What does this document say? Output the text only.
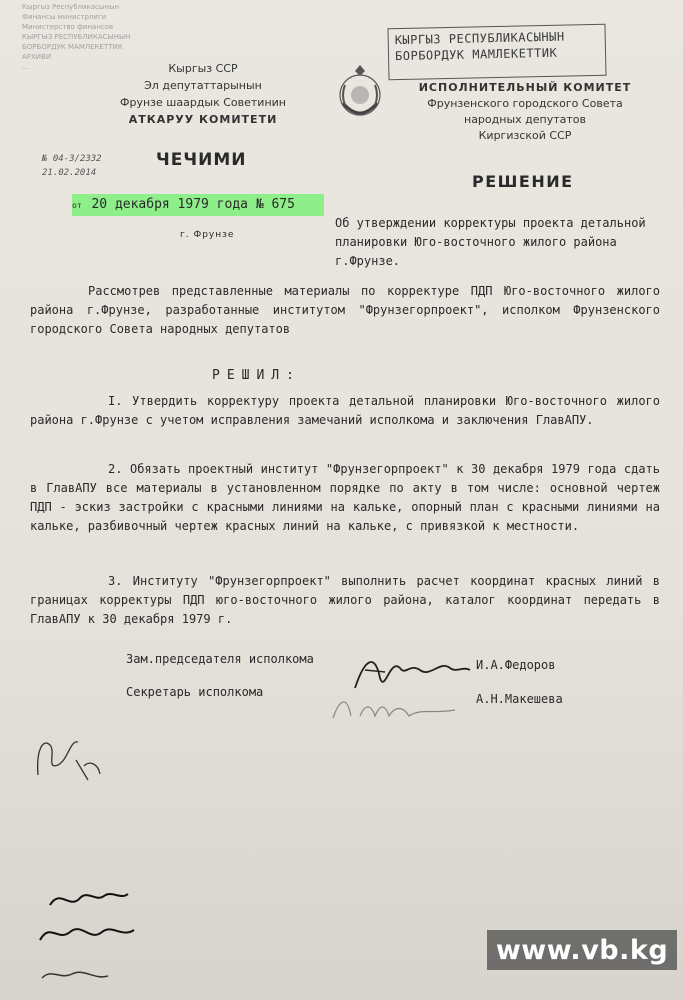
Кыргыз Республикасынын
Финансы министрлиги
Министерство финансов
КЫРГЫЗ РЕСПУБЛИКАСЫНЫН
БОРБОРДУК МАМЛЕКЕТТИК
АРХИВИ
...	Кыргыз ССР
Эл депутаттарынын
Фрунзе шаардык Советинин
АТКАРУУ КОМИТЕТИ
КЫРГЫЗ РЕСПУБЛИКАСЫНЫН
БОРБОРДУК МАМЛЕКЕТТИК
ИСПОЛНИТЕЛЬНЫЙ КОМИТЕТ
Фрунзенского городского Совета
народных депутатов
Киргизской ССР
№ 04-3/2332
21.02.2014
ЧЕЧИМИ
РЕШЕНИЕ
от 20 декабря 1979 года № 675
г. Фрунзе
Об утверждении корректуры проекта детальной планировки Юго-восточного жилого района г.Фрунзе.
Рассмотрев представленные материалы по корректуре ПДП Юго-восточного жилого района г.Фрунзе, разработанные институтом "Фрунзегорпроект", исполком Фрунзенского городского Совета народных депутатов
РЕШИЛ:
I. Утвердить корректуру проекта детальной планировки Юго-восточного жилого района г.Фрунзе с учетом исправления замечаний исполкома и заключения ГлавАПУ.
2. Обязать проектный институт "Фрунзегорпроект" к 30 декабря 1979 года сдать в ГлавАПУ все материалы в установленном порядке по акту в том числе: основной чертеж ПДП - эскиз застройки с красными линиями на кальке, опорный план с красными линиями на кальке, разбивочный чертеж красных линий на кальке, с привязкой к местности.
3. Институту "Фрунзегорпроект" выполнить расчет координат красных линий в границах корректуры ПДП юго-восточного жилого района, каталог координат передать в ГлавАПУ к 30 декабря 1979 г.
Зам.председателя исполкома	И.А.Федоров
Секретарь исполкома	А.Н.Макешева
www.vb.kg
